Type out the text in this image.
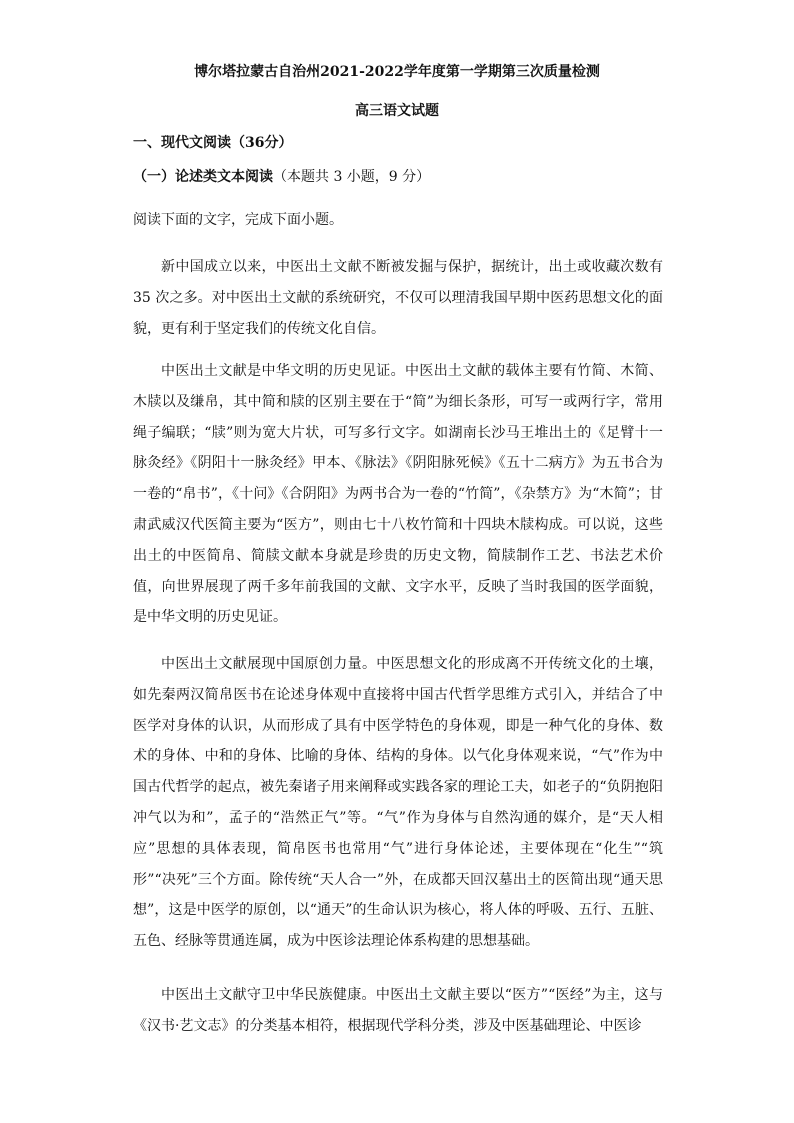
博尔塔拉蒙古自治州2021-2022学年度第一学期第三次质量检测
高三语文试题
一、现代文阅读（36分）
（一）论述类文本阅读（本题共 3 小题，9 分）
阅读下面的文字，完成下面小题。

新中国成立以来，中医出土文献不断被发掘与保护，据统计，出土或收藏次数有 35 次之多。对中医出土文献的系统研究，不仅可以理清我国早期中医药思想文化的面貌，更有利于坚定我们的传统文化自信。

中医出土文献是中华文明的历史见证。中医出土文献的载体主要有竹简、木简、木牍以及缣帛，其中简和牍的区别主要在于“简”为细长条形，可写一或两行字，常用绳子编联；“牍”则为宽大片状，可写多行文字。如湖南长沙马王堆出土的《足臂十一脉灸经》《阴阳十一脉灸经》甲本、《脉法》《阴阳脉死候》《五十二病方》为五书合为一卷的“帛书”，《十问》《合阴阳》为两书合为一卷的“竹简”，《杂禁方》为“木简”；甘肃武威汉代医简主要为“医方”，则由七十八枚竹简和十四块木牍构成。可以说，这些出土的中医简帛、简牍文献本身就是珍贵的历史文物，简牍制作工艺、书法艺术价值，向世界展现了两千多年前我国的文献、文字水平，反映了当时我国的医学面貌，是中华文明的历史见证。

中医出土文献展现中国原创力量。中医思想文化的形成离不开传统文化的土壤，如先秦两汉简帛医书在论述身体观中直接将中国古代哲学思维方式引入，并结合了中医学对身体的认识，从而形成了具有中医学特色的身体观，即是一种气化的身体、数术的身体、中和的身体、比喻的身体、结构的身体。以气化身体观来说，“气”作为中国古代哲学的起点，被先秦诸子用来阐释或实践各家的理论工夫，如老子的“负阴抱阳冲气以为和”，孟子的“浩然正气”等。“气”作为身体与自然沟通的媒介，是“天人相应”思想的具体表现，简帛医书也常用“气”进行身体论述，主要体现在“化生”“筑形”“决死”三个方面。除传统“天人合一”外，在成都天回汉墓出土的医简出现“通天思想”，这是中医学的原创，以“通天”的生命认识为核心，将人体的呼吸、五行、五脏、五色、经脉等贯通连属，成为中医诊法理论体系构建的思想基础。

中医出土文献守卫中华民族健康。中医出土文献主要以“医方”“医经”为主，这与《汉书·艺文志》的分类基本相符，根据现代学科分类，涉及中医基础理论、中医诊
